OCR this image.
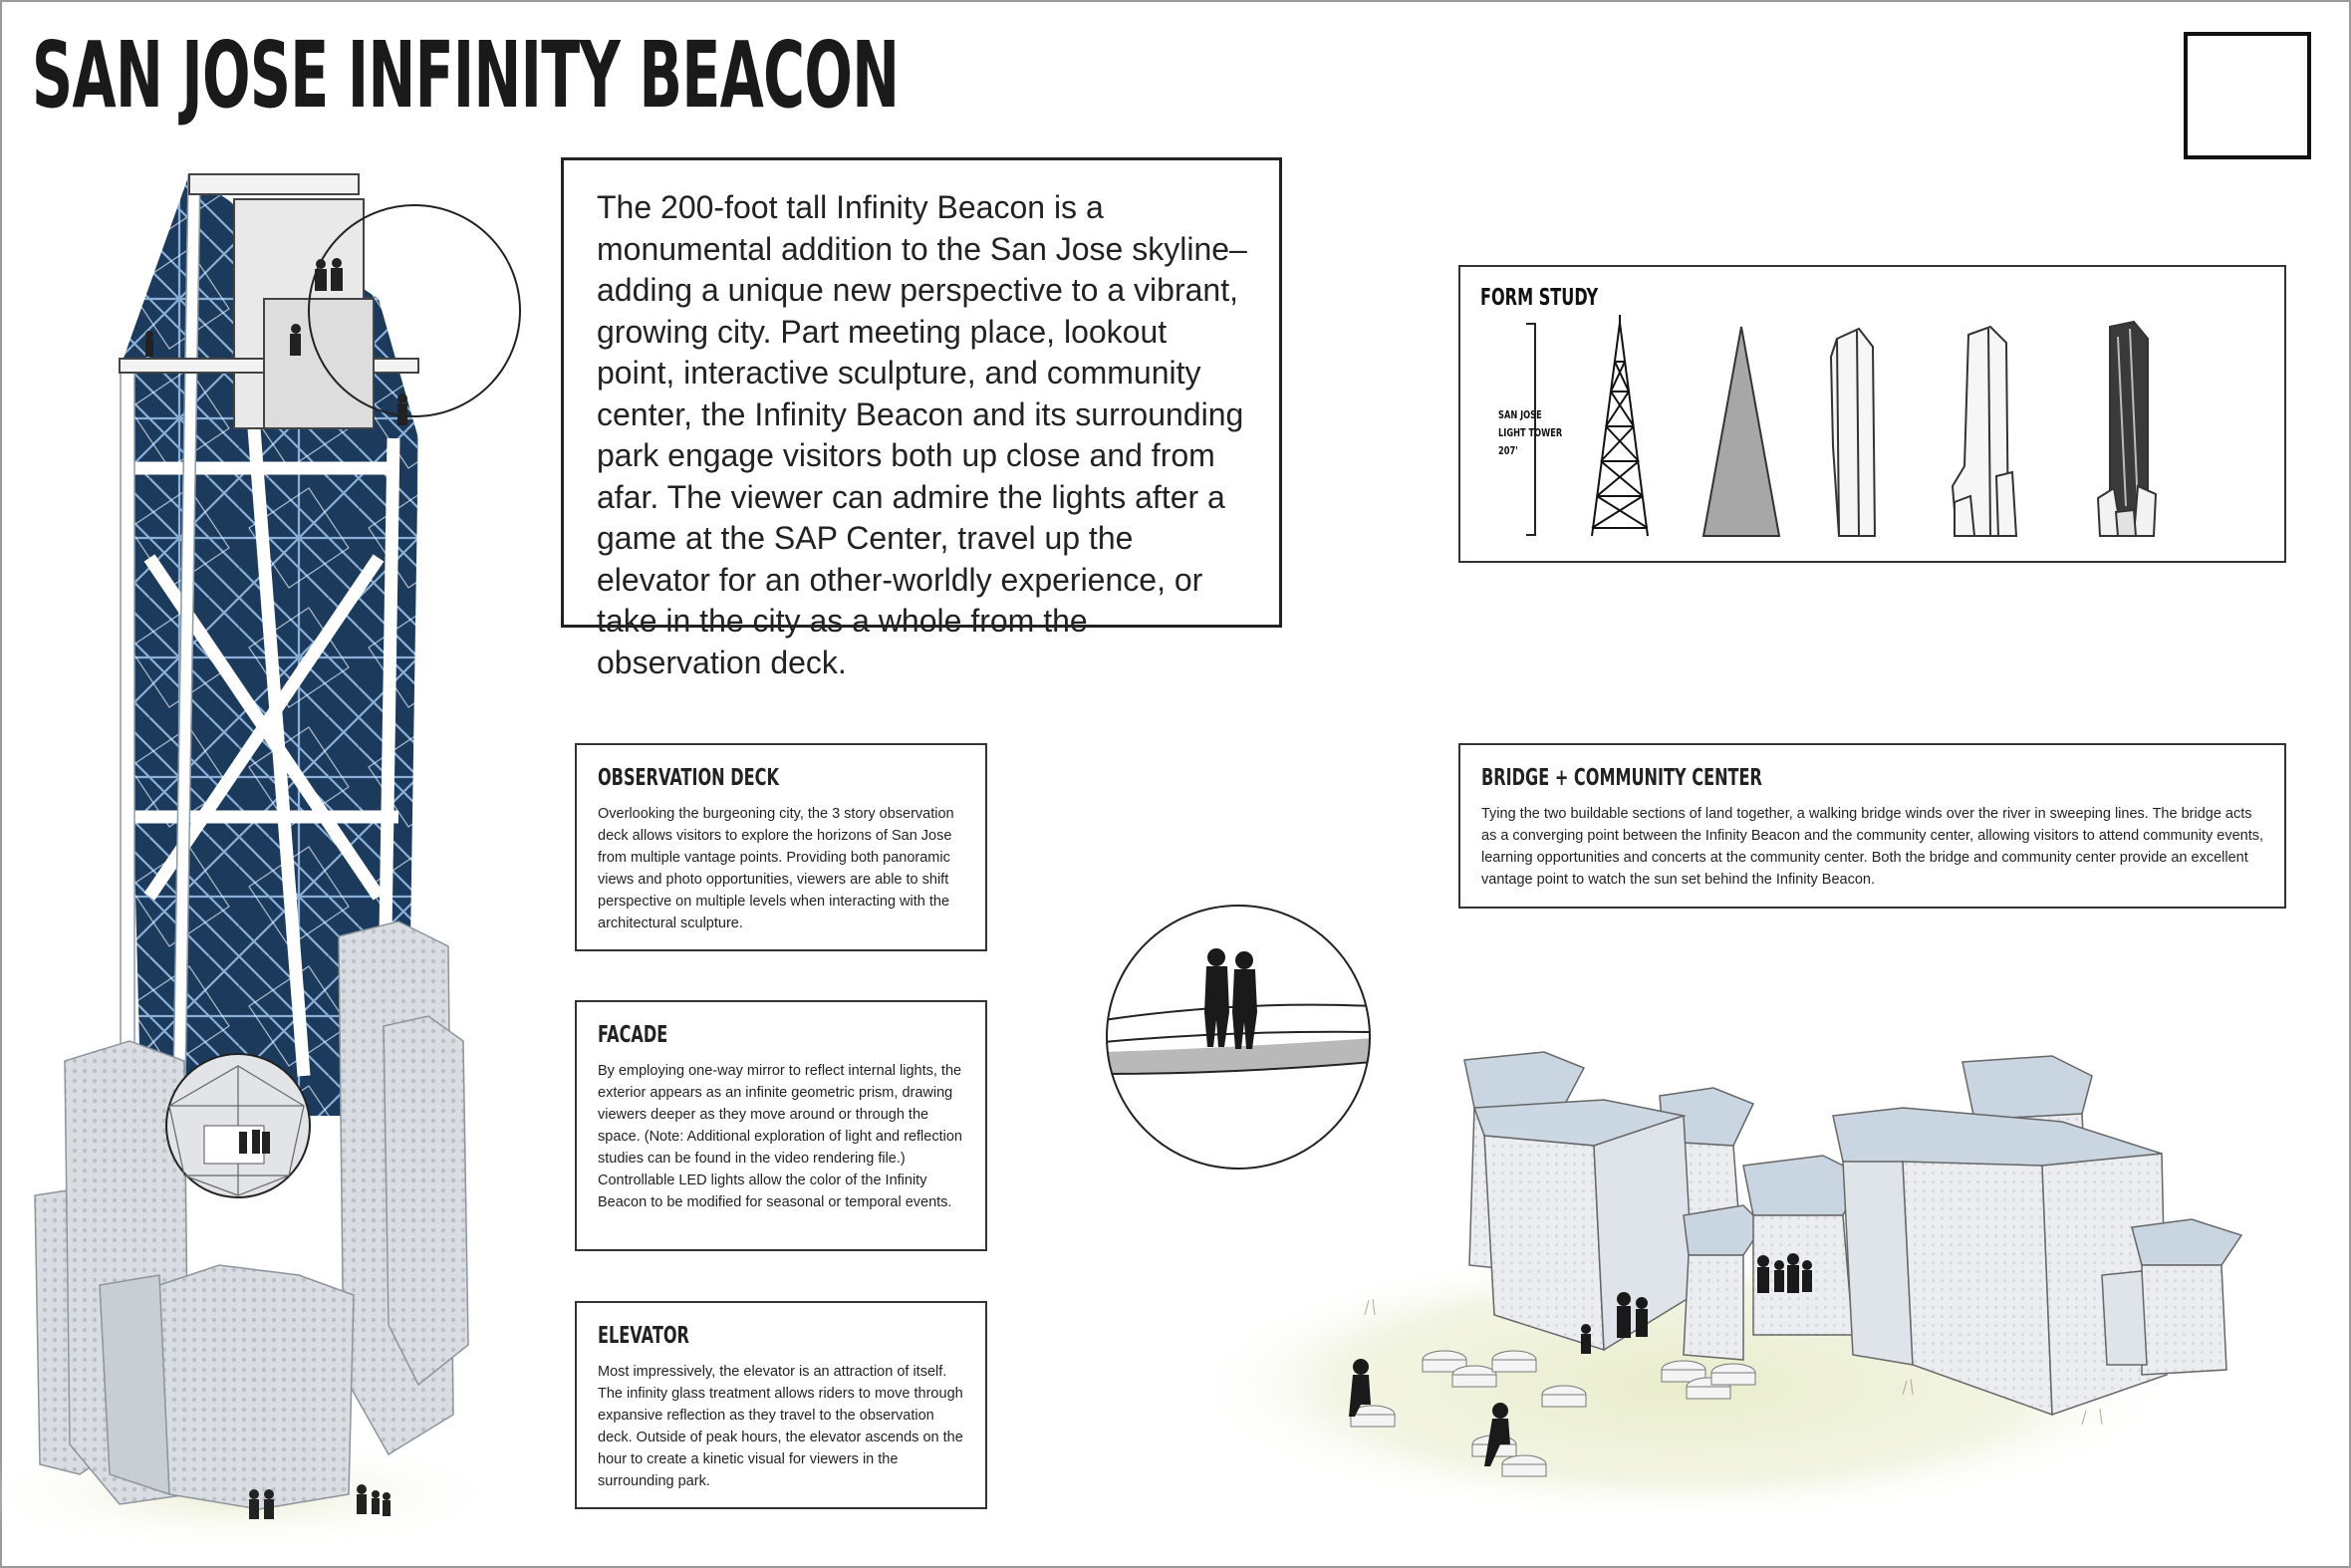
SAN JOSE INFINITY BEACON
The 200-foot tall Infinity Beacon is a monumental addition to the San Jose skyline–adding a unique new perspective to a vibrant, growing city. Part meeting place, lookout point, interactive sculpture, and community center, the Infinity Beacon and its surrounding park engage visitors both up close and from afar. The viewer can admire the lights after a game at the SAP Center, travel up the elevator for an other-worldly experience, or take in the city as a whole from the observation deck.
FORM STUDY
SAN JOSE
LIGHT TOWER
207'
OBSERVATION DECK

Overlooking the burgeoning city, the 3 story observation deck allows visitors to explore the horizons of San Jose from multiple vantage points. Providing both panoramic views and photo opportunities, viewers are able to shift perspective on multiple levels when interacting with the architectural sculpture.

FACADE

By employing one-way mirror to reflect internal lights, the exterior appears as an infinite geometric prism, drawing viewers deeper as they move around or through the space. (Note: Additional exploration of light and reflection studies can be found in the video rendering file.) Controllable LED lights allow the color of the Infinity Beacon to be modified for seasonal or temporal events.

ELEVATOR

Most impressively, the elevator is an attraction of itself. The infinity glass treatment allows riders to move through expansive reflection as they travel to the observation deck. Outside of peak hours, the elevator ascends on the hour to create a kinetic visual for viewers in the surrounding park.

BRIDGE + COMMUNITY CENTER

Tying the two buildable sections of land together, a walking bridge winds over the river in sweeping lines. The bridge acts as a converging point between the Infinity Beacon and the community center, allowing visitors to attend community events, learning opportunities and concerts at the community center. Both the bridge and community center provide an excellent vantage point to watch the sun set behind the Infinity Beacon.
